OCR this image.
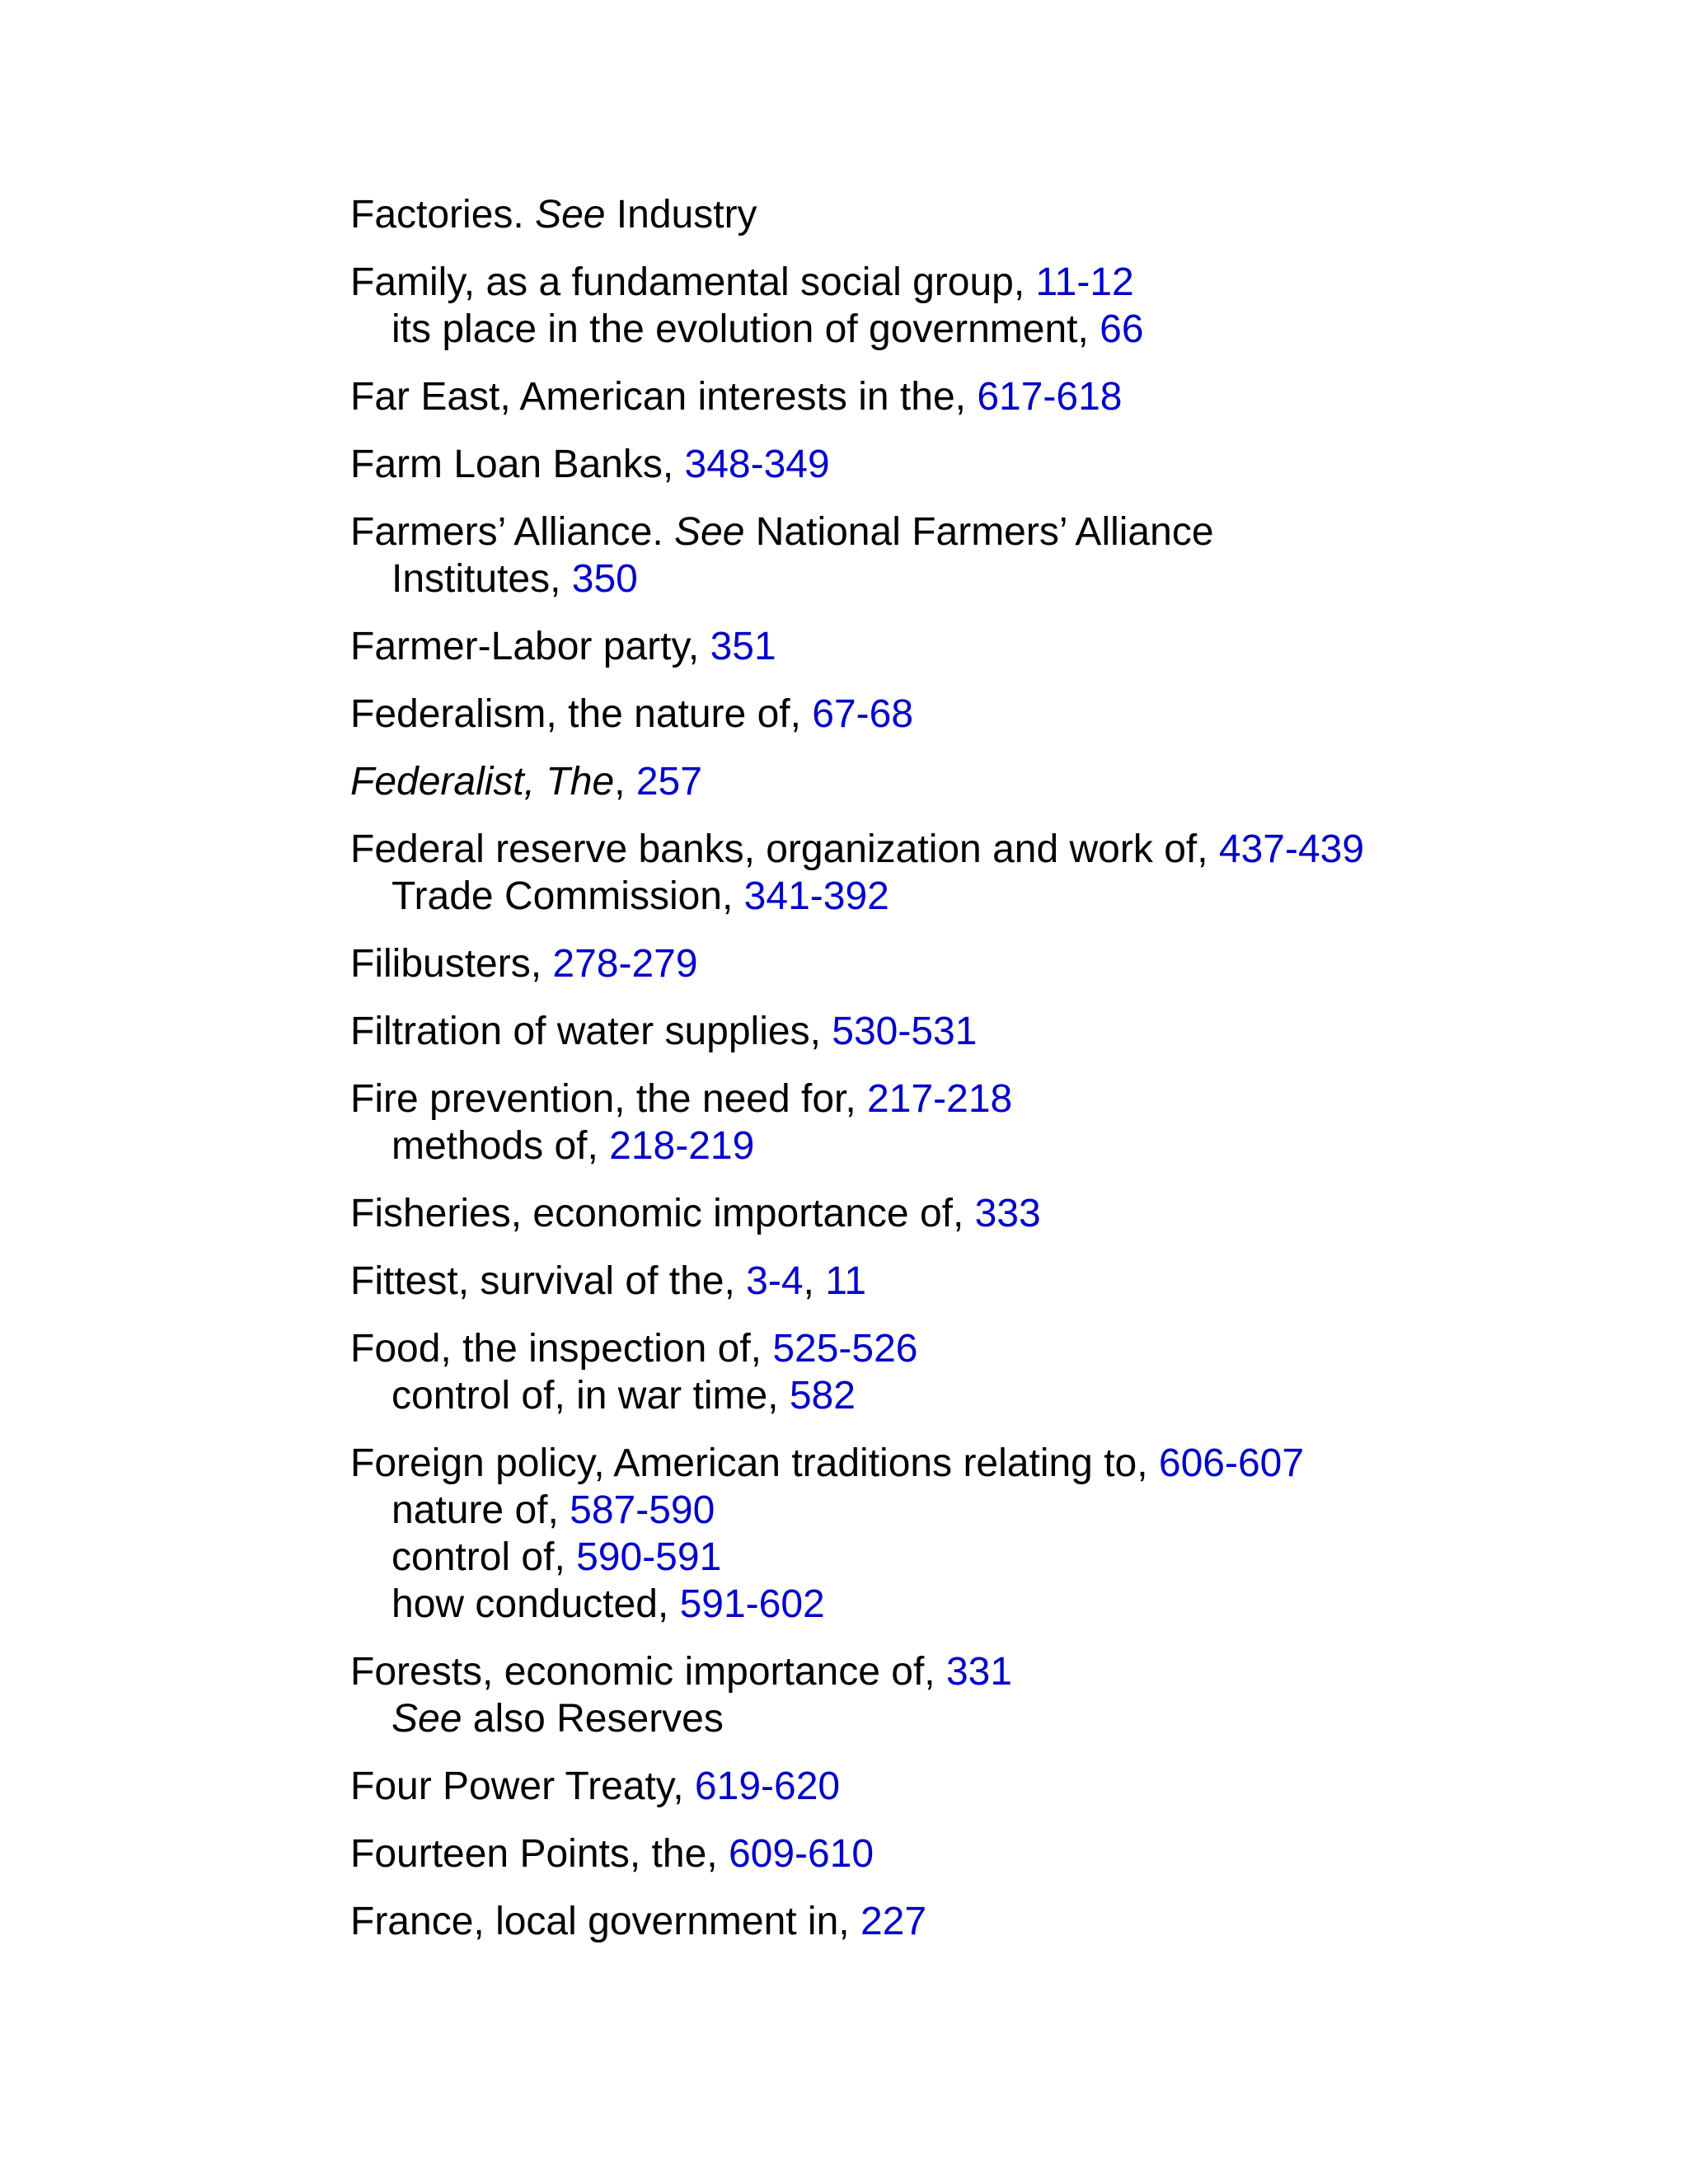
Factories. See Industry
Family, as a fundamental social group, 11-12
its place in the evolution of government, 66
Far East, American interests in the, 617-618
Farm Loan Banks, 348-349
Farmers’ Alliance. See National Farmers’ Alliance
Institutes, 350
Farmer-Labor party, 351
Federalism, the nature of, 67-68
Federalist, The, 257
Federal reserve banks, organization and work of, 437-439
Trade Commission, 341-392
Filibusters, 278-279
Filtration of water supplies, 530-531
Fire prevention, the need for, 217-218
methods of, 218-219
Fisheries, economic importance of, 333
Fittest, survival of the, 3-4, 11
Food, the inspection of, 525-526
control of, in war time, 582
Foreign policy, American traditions relating to, 606-607
nature of, 587-590
control of, 590-591
how conducted, 591-602
Forests, economic importance of, 331
See also Reserves
Four Power Treaty, 619-620
Fourteen Points, the, 609-610
France, local government in, 227
